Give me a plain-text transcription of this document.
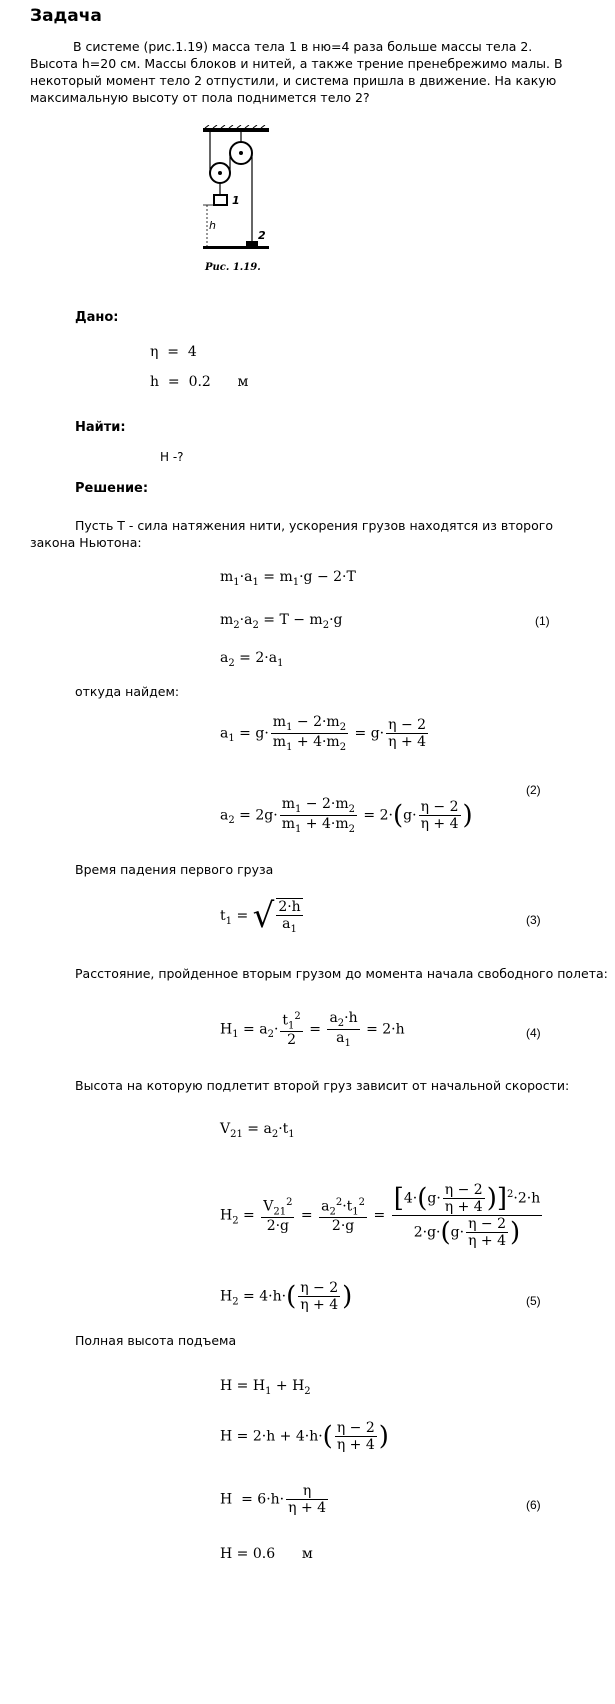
Задача
В системе (рис.1.19) масса тела 1 в ню=4 раза больше массы тела 2. Высота h=20 см. Массы блоков и нитей, а также трение пренебрежимо малы. В некоторый момент тело 2 отпустили, и система пришла в движение. На какую максимальную высоту от пола поднимется тело 2?
1
2
h
Рис. 1.19.
Дано:
η  =  4
h  =  0.2 м
Найти:
H -?
Решение:
Пусть T - сила натяжения нити, ускорения грузов находятся из второго закона Ньютона:
$m_1\cdot a_1 = m_1\cdot g - 2\cdot T$
$m_2\cdot a_2 = T - m_2\cdot g$	(1)
$a_2 = 2\cdot a_1$
откуда найдем:
$a_1 = g\cdot \frac{m_1 - 2\cdot m_2}{m_1 + 4\cdot m_2} = g\cdot \frac{\eta - 2}{\eta + 4}$
(2)
$a_2 = 2g\cdot \frac{m_1 - 2\cdot m_2}{m_1 + 4\cdot m_2} = 2\cdot(g\cdot \frac{\eta - 2}{\eta + 4}$ )
Время падения первого груза
$t_1$ = √ $\frac{2\cdot h}{a_1}$	(3)
Расстояние, пройденное вторым грузом до момента начала свободного полета:
$H_1 = a_2\cdot \frac{t_1^2}{2} = \frac{a_2\cdot h}{a_1} = 2\cdot h$	(4)
Высота на которую подлетит второй груз зависит от начальной скорости:
$V_{21} = a_2\cdot t_1$
$H_2 = \frac{V_{21}^2}{2\cdot g} = \frac{a_2^2\cdot t_1^2}{2\cdot g} = \frac{[4\cdot(g\cdot \frac{\eta - 2}{\eta + 4} )]^2\cdot 2\cdot h}{2\cdot g\cdot(g\cdot \frac{\eta - 2}{\eta + 4} )}$
$H_2 = 4\cdot h\cdot( \frac{\eta - 2}{\eta + 4}$ )	(5)
Полная высота подъема
$H = H_1 + H_2$
$H = 2\cdot h + 4\cdot h\cdot( \frac{\eta - 2}{\eta + 4}$ )
$H = 6\cdot h\cdot \frac{\eta}{\eta + 4}$	(6)
H = 0.6 м
